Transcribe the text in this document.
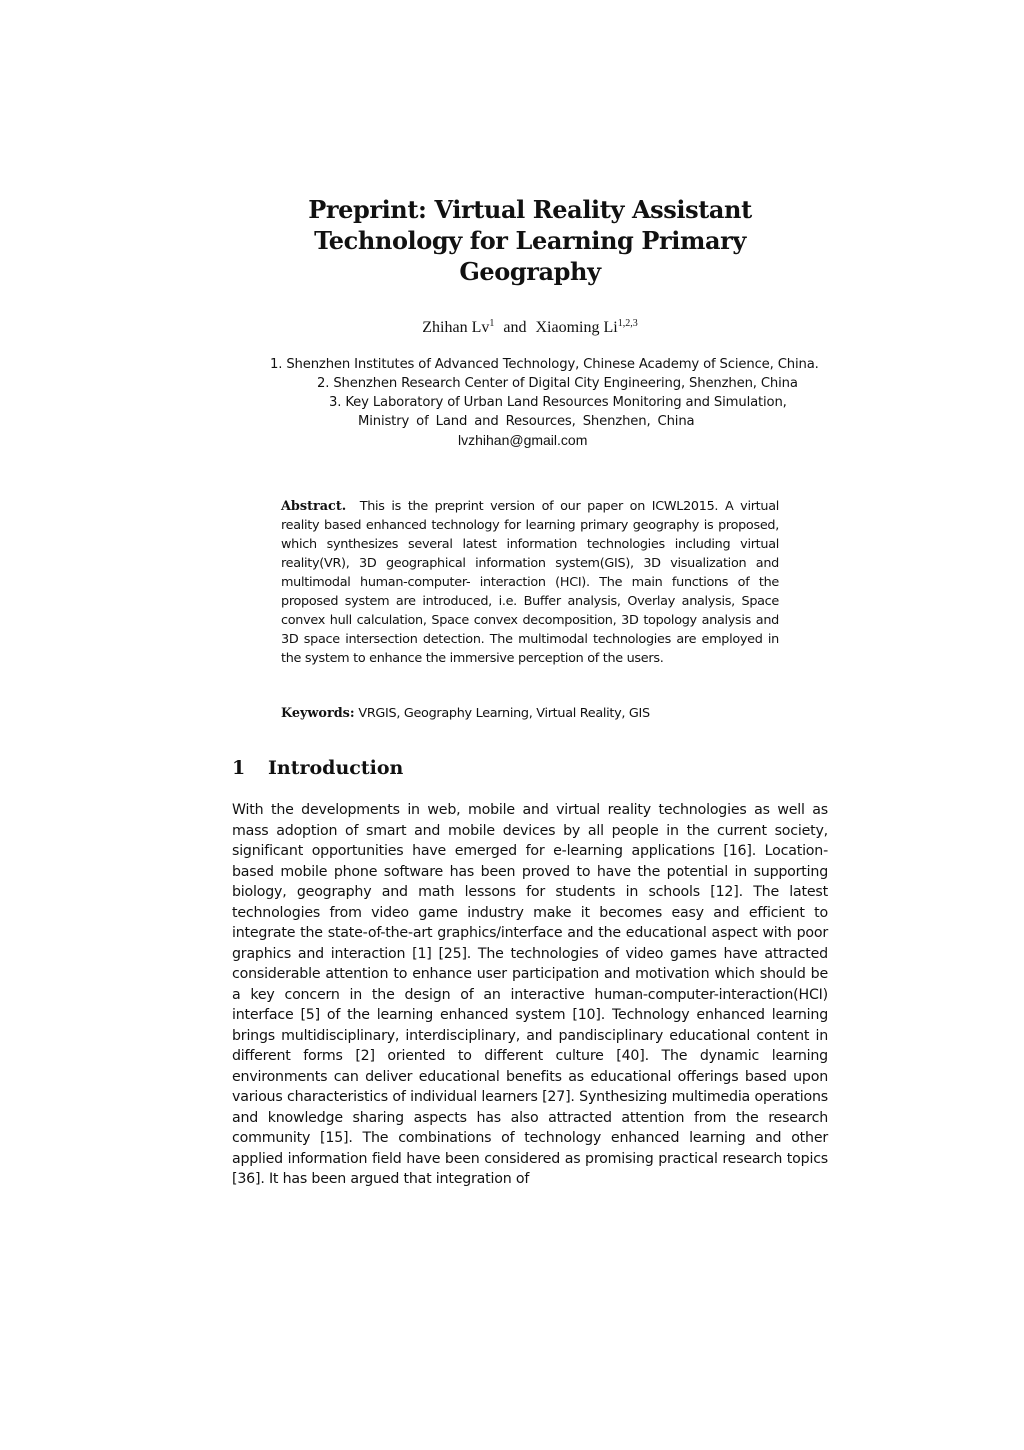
Preprint: Virtual Reality Assistant
Technology for Learning Primary
Geography
Zhihan Lv$^1$ and Xiaoming Li$^{1,2,3}$
1. Shenzhen Institutes of Advanced Technology, Chinese Academy of Science, China.
2. Shenzhen Research Center of Digital City Engineering, Shenzhen, China
3. Key Laboratory of Urban Land Resources Monitoring and Simulation,
Ministry of Land and Resources, Shenzhen, China
lvzhihan@gmail.com
Abstract. This is the preprint version of our paper on ICWL2015. A virtual reality based enhanced technology for learning primary geography is proposed, which synthesizes several latest information technologies including virtual reality(VR), 3D geographical information system(GIS), 3D visualization and multimodal human-computer- interaction (HCI). The main functions of the proposed system are introduced, i.e. Buffer analysis, Overlay analysis, Space convex hull calculation, Space convex decomposition, 3D topology analysis and 3D space intersection detection. The multimodal technologies are employed in the system to enhance the immersive perception of the users.
Keywords: VRGIS, Geography Learning, Virtual Reality, GIS
1 Introduction
With the developments in web, mobile and virtual reality technologies as well as mass adoption of smart and mobile devices by all people in the current society, significant opportunities have emerged for e-learning applications [16]. Location-based mobile phone software has been proved to have the potential in supporting biology, geography and math lessons for students in schools [12]. The latest technologies from video game industry make it becomes easy and efficient to integrate the state-of-the-art graphics/interface and the educational aspect with poor graphics and interaction [1] [25]. The technologies of video games have attracted considerable attention to enhance user participation and motivation which should be a key concern in the design of an interactive human-computer-interaction(HCI) interface [5] of the learning enhanced system [10]. Technology enhanced learning brings multidisciplinary, interdisciplinary, and pandisciplinary educational content in different forms [2] oriented to different culture [40]. The dynamic learning environments can deliver educational benefits as educational offerings based upon various characteristics of individual learners [27]. Synthesizing multimedia operations and knowledge sharing aspects has also attracted attention from the research community [15]. The combinations of technology enhanced learning and other applied information field have been considered as promising practical research topics [36]. It has been argued that integration of
